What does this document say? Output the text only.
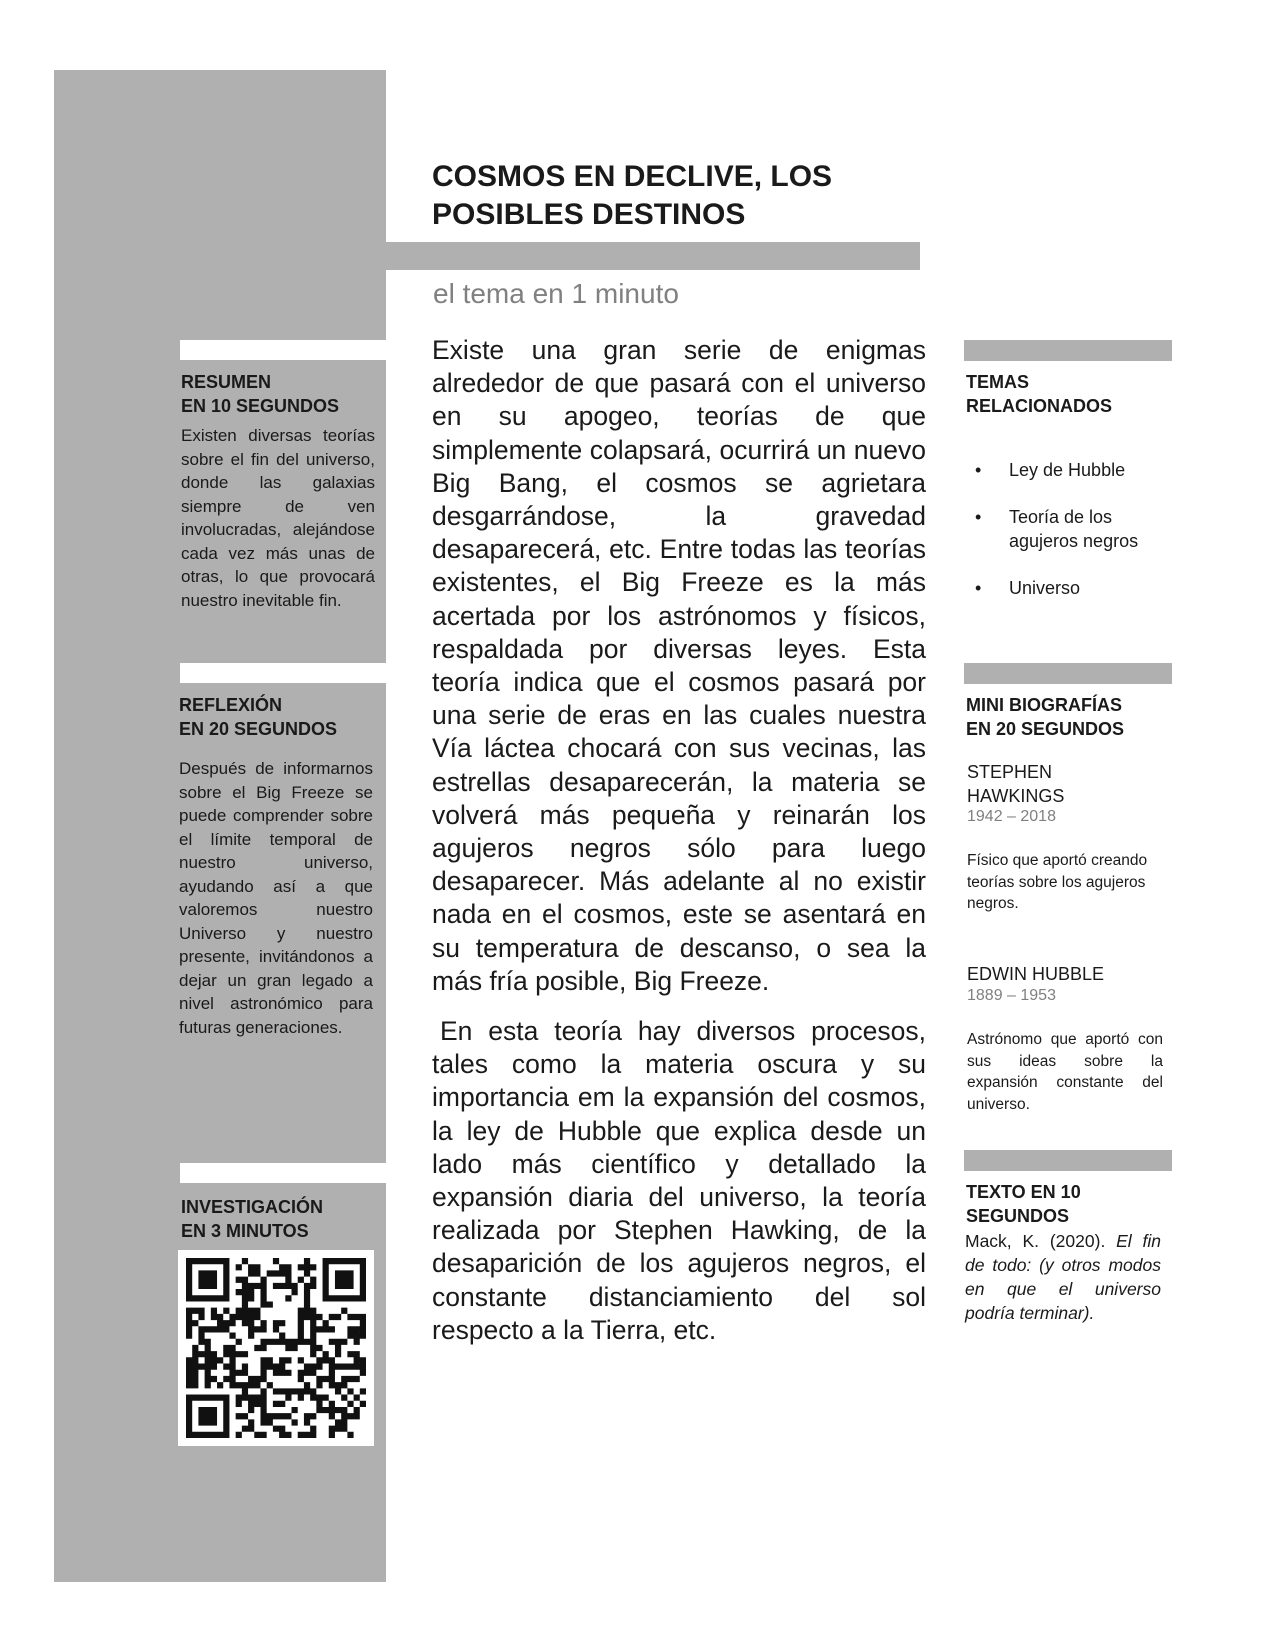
RESUMEN
EN 10 SEGUNDOS
Existen diversas teorías sobre el fin del universo, donde las galaxias siempre de ven involucradas, alejándose cada vez más unas de otras, lo que provocará nuestro inevitable fin.
REFLEXIÓN
EN 20 SEGUNDOS
Después de informarnos sobre el Big Freeze se puede comprender sobre el límite temporal de nuestro universo, ayudando así a que valoremos nuestro Universo y nuestro presente, invitándonos a dejar un gran legado a nivel astronómico para futuras generaciones.
INVESTIGACIÓN
EN 3 MINUTOS
COSMOS EN DECLIVE, LOS
POSIBLES DESTINOS
el tema en 1 minuto

Existe una gran serie de enigmas alrededor de que pasará con el universo en su apogeo, teorías de que simplemente colapsará, ocurrirá un nuevo Big Bang, el cosmos se agrietara desgarrándose, la gravedad desaparecerá, etc. Entre todas las teorías existentes, el Big Freeze es la más acertada por los astrónomos y físicos, respaldada por diversas leyes. Esta teoría indica que el cosmos pasará por una serie de eras en las cuales nuestra Vía láctea chocará con sus vecinas, las estrellas desaparecerán, la materia se volverá más pequeña y reinarán los agujeros negros sólo para luego desaparecer. Más adelante al no existir nada en el cosmos, este se asentará en su temperatura de descanso, o sea la más fría posible, Big Freeze.

En esta teoría hay diversos procesos, tales como la materia oscura y su importancia em la expansión del cosmos, la ley de Hubble que explica desde un lado más científico y detallado la expansión diaria del universo, la teoría realizada por Stephen Hawking, de la desaparición de los agujeros negros, el constante distanciamiento del sol respecto a la Tierra, etc.

TEMAS
RELACIONADOS
• Ley de Hubble
• Teoría de los agujeros negros
• Universo
MINI BIOGRAFÍAS
EN 20 SEGUNDOS
STEPHEN
HAWKINGS
1942 – 2018
Físico que aportó creando teorías sobre los agujeros negros.
EDWIN HUBBLE
1889 – 1953
Astrónomo que aportó con sus ideas sobre la expansión constante del universo.
TEXTO EN 10
SEGUNDOS
Mack, K. (2020). El fin de todo: (y otros modos en que el universo podría terminar).
